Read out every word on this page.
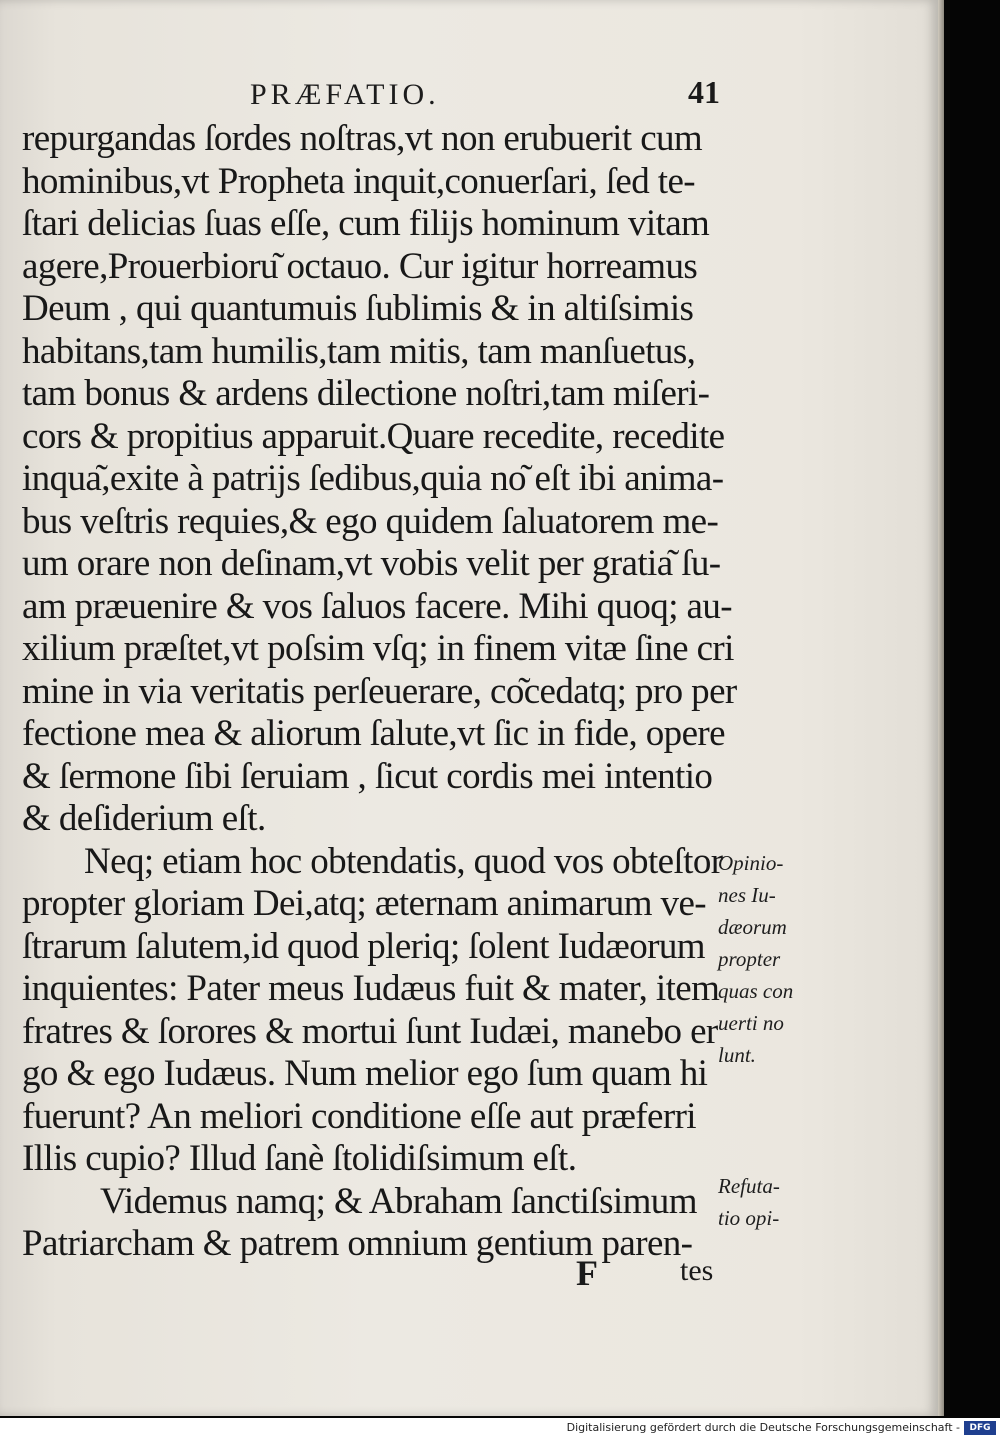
PRÆFATIO.	41
repurgandas ſordes noſtras,vt non erubuerit cum
hominibus,vt Propheta inquit,conuerſari, ſed te-
ſtari delicias ſuas eſſe, cum filijs hominum vitam
agere,Prouerbioru͂ octauo. Cur igitur horreamus
Deum , qui quantumuis ſublimis & in altiſsimis
habitans,tam humilis,tam mitis, tam manſuetus,
tam bonus & ardens dilectione noſtri,tam miſeri-
cors & propitius apparuit.Quare recedite, recedite
inqua͂,exite à patrijs ſedibus,quia no͂ eſt ibi anima-
bus veſtris requies,& ego quidem ſaluatorem me-
um orare non deſinam,vt vobis velit per gratia͂ ſu-
am præuenire & vos ſaluos facere. Mihi quoq; au-
xilium præſtet,vt poſsim vſq; in finem vitæ ſine cri
mine in via veritatis perſeuerare, co͂cedatq; pro per
fectione mea & aliorum ſalute,vt ſic in fide, opere
& ſermone ſibi ſeruiam , ſicut cordis mei intentio
& deſiderium eſt.
Neq; etiam hoc obtendatis, quod vos obteſtor
propter gloriam Dei,atq; æternam animarum ve-
ſtrarum ſalutem,id quod pleriq; ſolent Iudæorum
inquientes: Pater meus Iudæus fuit & mater, item
fratres & ſorores & mortui ſunt Iudæi, manebo er
go & ego Iudæus. Num melior ego ſum quam hi
fuerunt? An meliori conditione eſſe aut præferri
Illis cupio? Illud ſanè ſtolidiſsimum eſt.
Videmus namq; & Abraham ſanctiſsimum
Patriarcham & patrem omnium gentium paren-
Opinio-
nes Iu-
dæorum
propter
quas con
uerti no
lunt.
Refuta-
tio opi-
F	tes
Digitalisierung gefördert durch die Deutsche Forschungsgemeinschaft -	DFG
